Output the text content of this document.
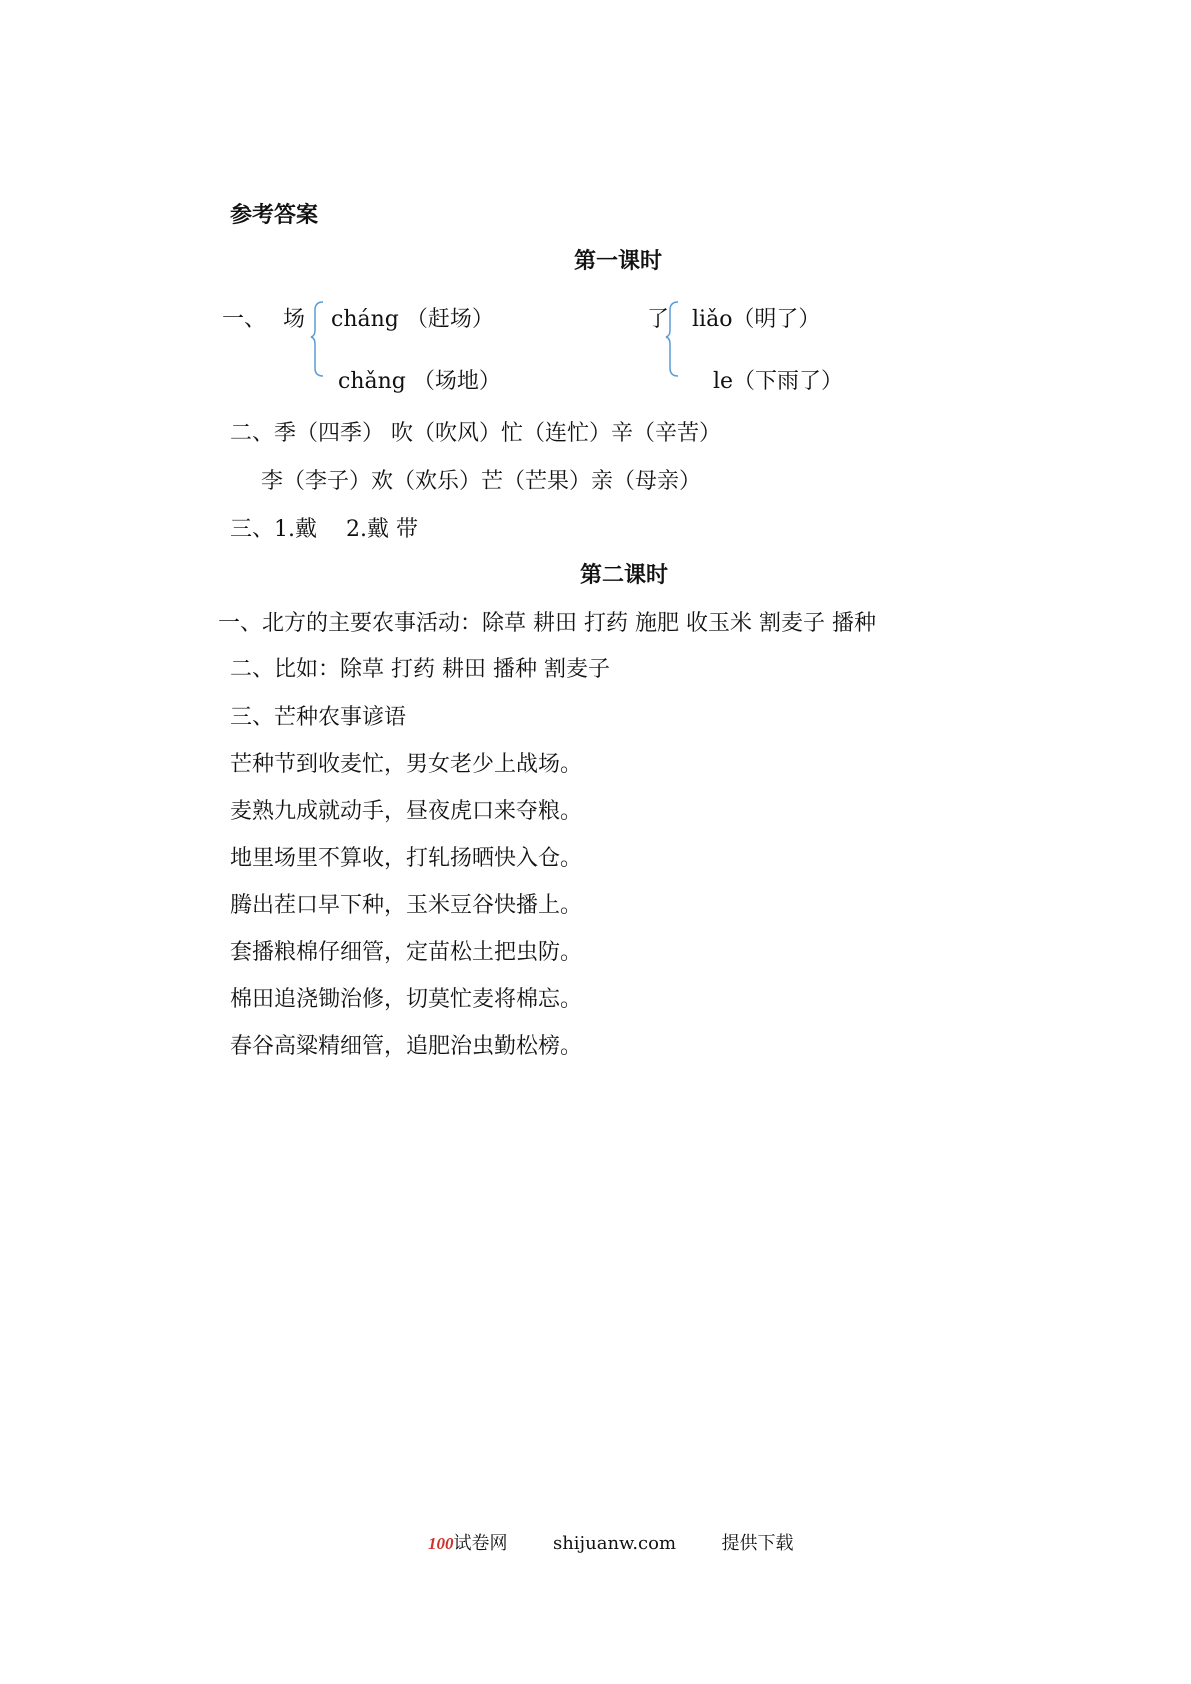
参考答案
第一课时
一、 场 cháng （赶场）
chǎng （场地）
了 liǎo（明了）
le（下雨了）
二、季（四季） 吹（吹风）忙（连忙）辛（辛苦）
李（李子）欢（欢乐）芒（芒果）亲（母亲）
三、1.戴　 2.戴 带
第二课时
一、北方的主要农事活动：除草 耕田 打药 施肥 收玉米 割麦子 播种
二、比如：除草 打药 耕田 播种 割麦子
三、芒种农事谚语
芒种节到收麦忙，男女老少上战场。
麦熟九成就动手，昼夜虎口来夺粮。
地里场里不算收，打轧扬晒快入仓。
腾出茬口早下种，玉米豆谷快播上。
套播粮棉仔细管，定苗松土把虫防。
棉田追浇锄治修，切莫忙麦将棉忘。
春谷高粱精细管，追肥治虫勤松榜。
100试卷网	shijuanw.com	提供下载
